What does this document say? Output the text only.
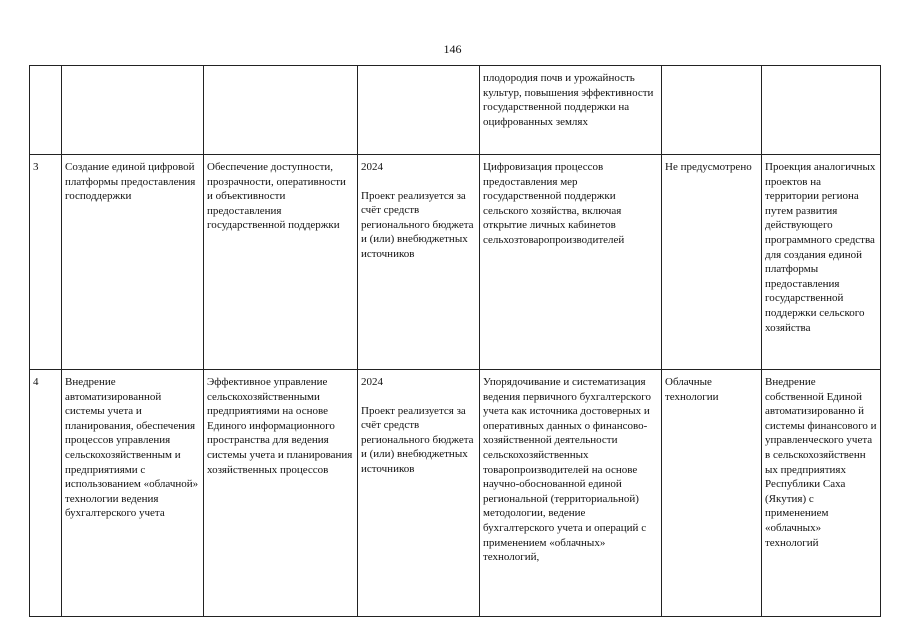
146
				плодородия почв и урожайность культур, повышения эффективности государственной поддержки на оцифрованных землях		
3	Создание единой цифровой платформы предоставления господдержки	Обеспечение доступности, прозрачности, оперативности и объективности предоставления государственной поддержки	2024
Проект реализуется за счёт средств регионального бюджета и (или) внебюджетных источников	Цифровизация процессов предоставления мер государственной поддержки сельского хозяйства, включая открытие личных кабинетов сельхозтоваропроизводителей	Не предусмотрено	Проекция аналогичных проектов на территории региона путем развития действующего программного средства для создания единой платформы предоставления государственной поддержки сельского хозяйства
4	Внедрение автоматизированной системы учета и планирования, обеспечения процессов управления сельскохозяйственным и предприятиями с использованием «облачной» технологии ведения бухгалтерского учета	Эффективное управление сельскохозяйственными предприятиями на основе Единого информационного пространства для ведения системы учета и планирования хозяйственных процессов	2024
Проект реализуется за счёт средств регионального бюджета и (или) внебюджетных источников	Упорядочивание и систематизация ведения первичного бухгалтерского учета как источника достоверных и оперативных данных о финансово-хозяйственной деятельности сельскохозяйственных товаропроизводителей на основе научно-обоснованной единой региональной (территориальной) методологии, ведение бухгалтерского учета и операций с применением «облачных» технологий,	Облачные технологии	Внедрение собственной Единой автоматизированно й системы финансового и управленческого учета в сельскохозяйственн ых предприятиях Республики Саха (Якутия) с применением «облачных» технологий
